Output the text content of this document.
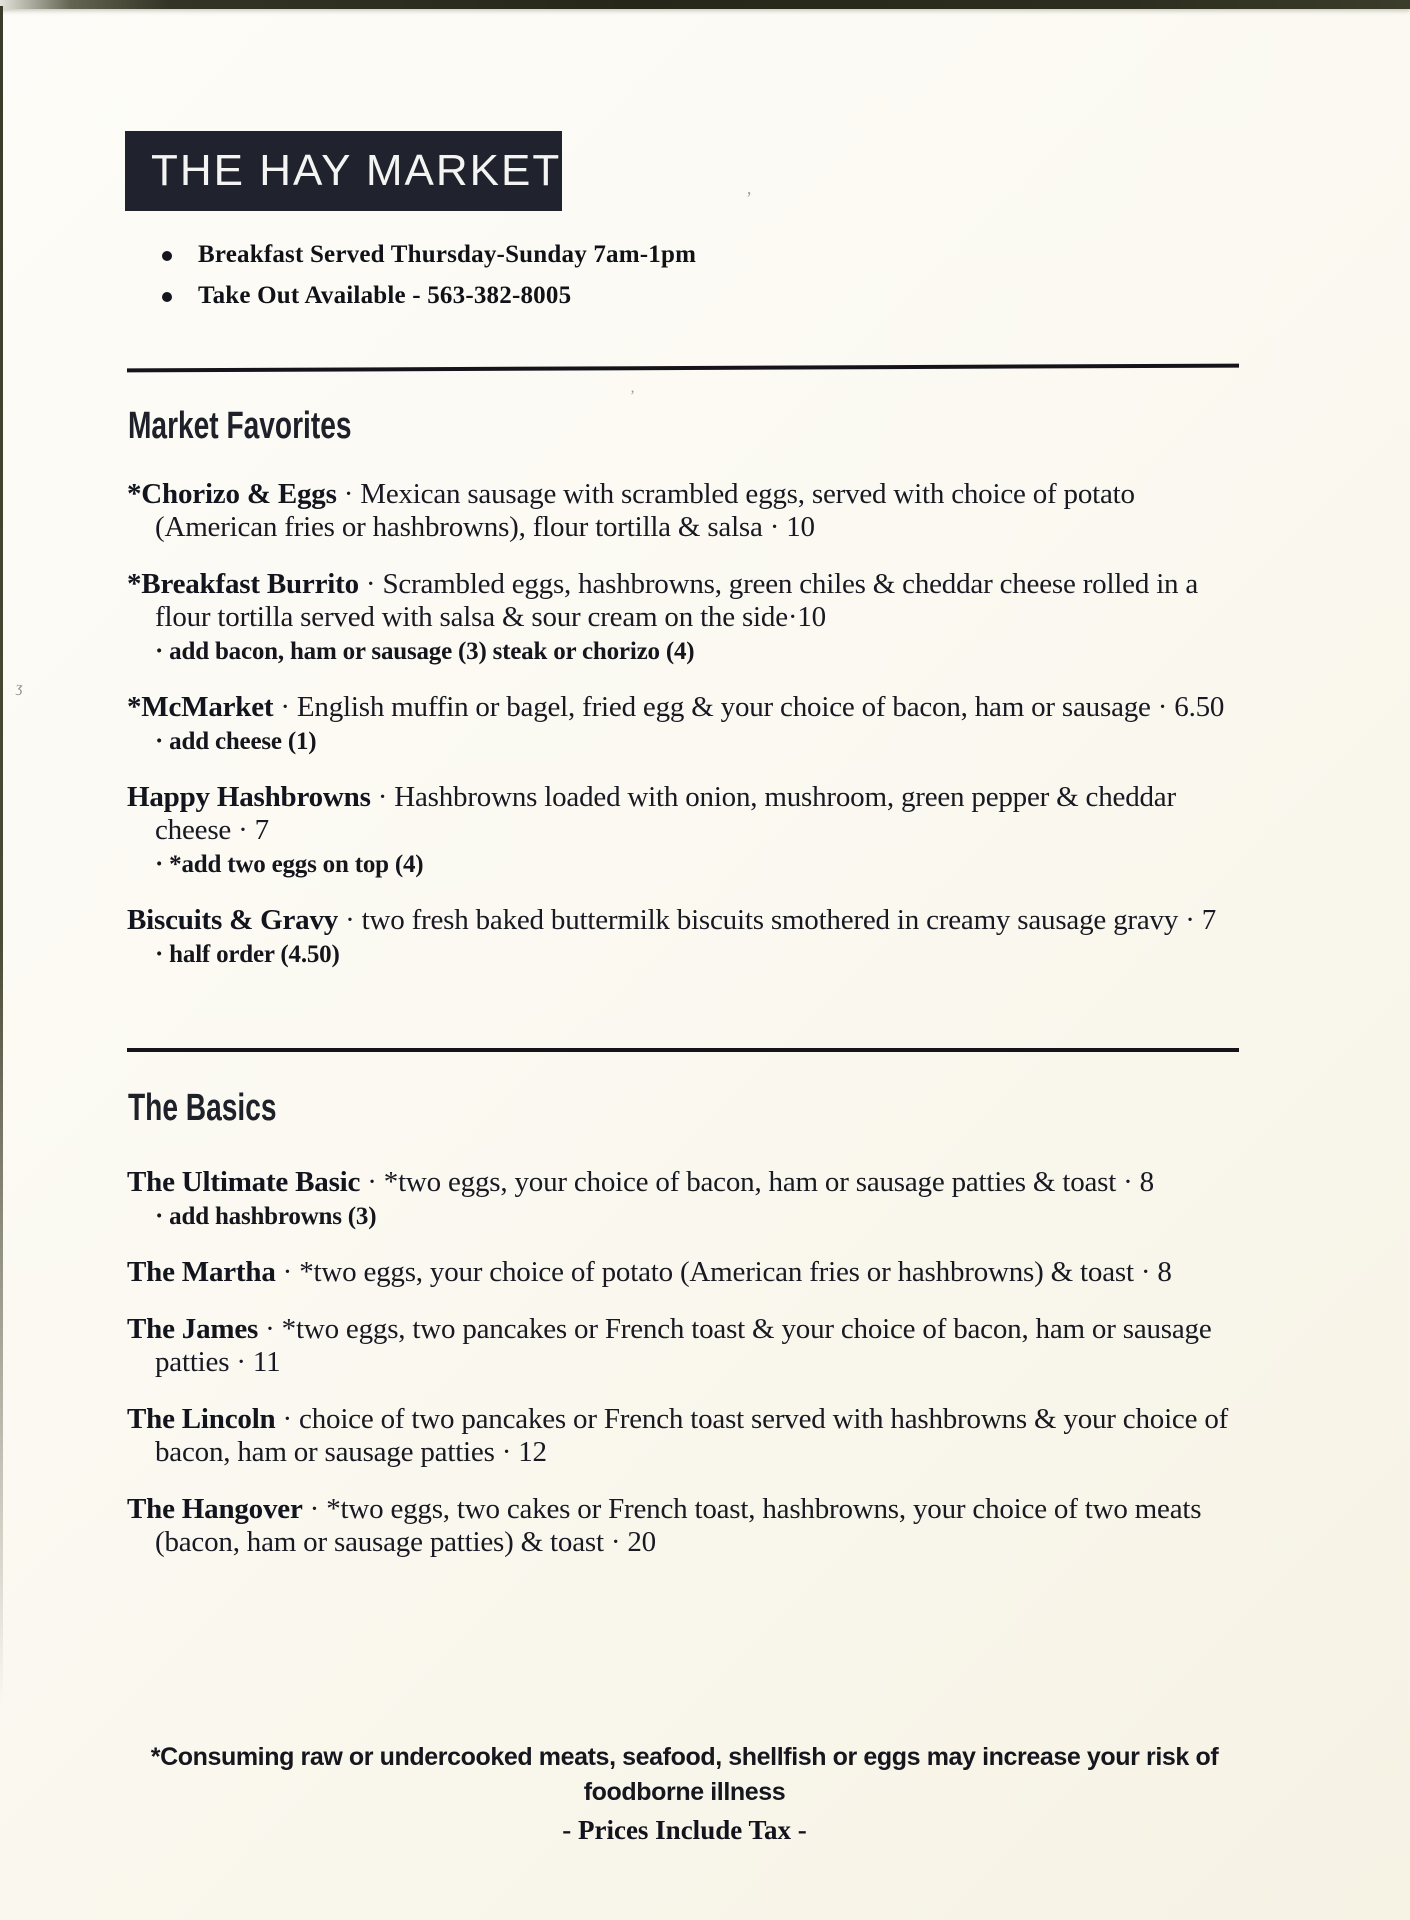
ʒ
’
’
THE HAY MARKET
Breakfast Served Thursday-Sunday 7am-1pm
Take Out Available - 563-382-8005
Market Favorites

*Chorizo & Eggs · Mexican sausage with scrambled eggs, served with choice of potato (American fries or hashbrowns), flour tortilla & salsa · 10

*Breakfast Burrito · Scrambled eggs, hashbrowns, green chiles & cheddar cheese rolled in a flour tortilla served with salsa & sour cream on the side·10

· add bacon, ham or sausage (3) steak or chorizo (4)

*McMarket · English muffin or bagel, fried egg & your choice of bacon, ham or sausage · 6.50

· add cheese (1)

Happy Hashbrowns · Hashbrowns loaded with onion, mushroom, green pepper & cheddar cheese · 7

· *add two eggs on top (4)

Biscuits & Gravy · two fresh baked buttermilk biscuits smothered in creamy sausage gravy · 7

· half order (4.50)

The Basics

The Ultimate Basic · *two eggs, your choice of bacon, ham or sausage patties & toast · 8

· add hashbrowns (3)

The Martha · *two eggs, your choice of potato (American fries or hashbrowns) & toast · 8

The James · *two eggs, two pancakes or French toast & your choice of bacon, ham or sausage patties · 11

The Lincoln · choice of two pancakes or French toast served with hashbrowns & your choice of bacon, ham or sausage patties · 12

The Hangover · *two eggs, two cakes or French toast, hashbrowns, your choice of two meats (bacon, ham or sausage patties) & toast · 20

*Consuming raw or undercooked meats, seafood, shellfish or eggs may increase your risk of

foodborne illness

- Prices Include Tax -
